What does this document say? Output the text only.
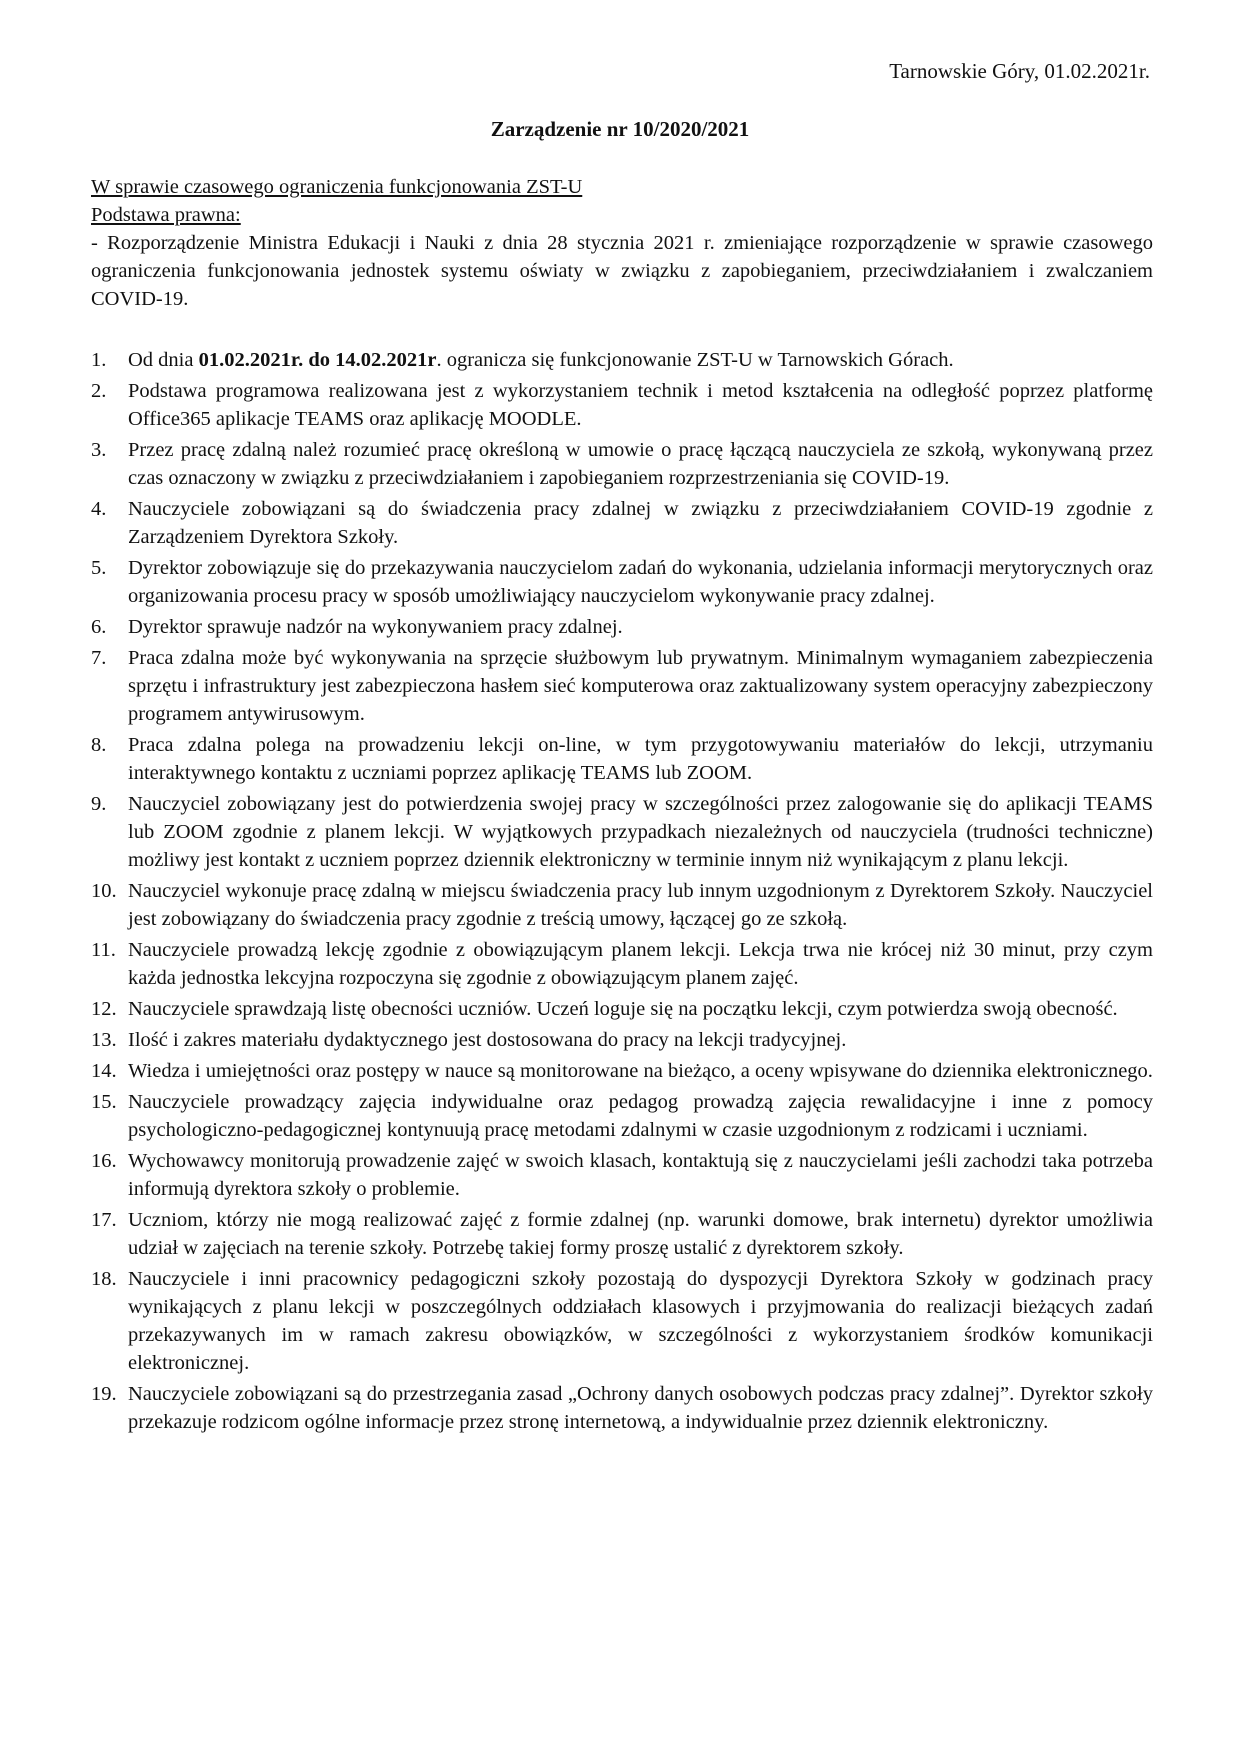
Tarnowskie Góry, 01.02.2021r.
Zarządzenie nr 10/2020/2021
W sprawie czasowego ograniczenia funkcjonowania ZST-U
Podstawa prawna:
- Rozporządzenie Ministra Edukacji i Nauki z dnia 28 stycznia 2021 r. zmieniające rozporządzenie w sprawie czasowego ograniczenia funkcjonowania jednostek systemu oświaty w związku z zapobieganiem, przeciwdziałaniem i zwalczaniem COVID-19.
1.	Od dnia 01.02.2021r. do 14.02.2021r. ogranicza się funkcjonowanie ZST-U w Tarnowskich Górach.
2.	Podstawa programowa realizowana jest z wykorzystaniem technik i metod kształcenia na odległość poprzez platformę Office365 aplikacje TEAMS oraz aplikację MOODLE.
3.	Przez pracę zdalną należ rozumieć pracę określoną w umowie o pracę łączącą nauczyciela ze szkołą, wykonywaną przez czas oznaczony w związku z przeciwdziałaniem i zapobieganiem rozprzestrzeniania się COVID-19.
4.	Nauczyciele zobowiązani są do świadczenia pracy zdalnej w związku z przeciwdziałaniem COVID-19 zgodnie z Zarządzeniem Dyrektora Szkoły.
5.	Dyrektor zobowiązuje się do przekazywania nauczycielom zadań do wykonania, udzielania informacji merytorycznych oraz organizowania procesu pracy w sposób umożliwiający nauczycielom wykonywanie pracy zdalnej.
6.	Dyrektor sprawuje nadzór na wykonywaniem pracy zdalnej.
7.	Praca zdalna może być wykonywania na sprzęcie służbowym lub prywatnym. Minimalnym wymaganiem zabezpieczenia sprzętu i infrastruktury jest zabezpieczona hasłem sieć komputerowa oraz zaktualizowany system operacyjny zabezpieczony programem antywirusowym.
8.	Praca zdalna polega na prowadzeniu lekcji on-line, w tym przygotowywaniu materiałów do lekcji, utrzymaniu interaktywnego kontaktu z uczniami poprzez aplikację TEAMS lub ZOOM.
9.	Nauczyciel zobowiązany jest do potwierdzenia swojej pracy w szczególności przez zalogowanie się do aplikacji TEAMS lub ZOOM zgodnie z planem lekcji. W wyjątkowych przypadkach niezależnych od nauczyciela (trudności techniczne) możliwy jest kontakt z uczniem poprzez dziennik elektroniczny w terminie innym niż wynikającym z planu lekcji.
10. Nauczyciel wykonuje pracę zdalną w miejscu świadczenia pracy lub innym uzgodnionym z Dyrektorem Szkoły. Nauczyciel jest zobowiązany do świadczenia pracy zgodnie z treścią umowy, łączącej go ze szkołą.
11. Nauczyciele prowadzą lekcję zgodnie z obowiązującym planem lekcji. Lekcja trwa nie krócej niż 30 minut, przy czym każda jednostka lekcyjna rozpoczyna się zgodnie z obowiązującym planem zajęć.
12. Nauczyciele sprawdzają listę obecności uczniów. Uczeń loguje się na początku lekcji, czym potwierdza swoją obecność.
13. Ilość i zakres materiału dydaktycznego jest dostosowana do pracy na lekcji tradycyjnej.
14. Wiedza i umiejętności oraz postępy w nauce są monitorowane na bieżąco, a oceny wpisywane do dziennika elektronicznego.
15. Nauczyciele prowadzący zajęcia indywidualne oraz pedagog prowadzą zajęcia rewalidacyjne i inne z pomocy psychologiczno-pedagogicznej kontynuują pracę metodami zdalnymi w czasie uzgodnionym z rodzicami i uczniami.
16. Wychowawcy monitorują prowadzenie zajęć w swoich klasach, kontaktują się z nauczycielami jeśli zachodzi taka potrzeba informują dyrektora szkoły o problemie.
17. Uczniom, którzy nie mogą realizować zajęć z formie zdalnej (np. warunki domowe, brak internetu) dyrektor umożliwia udział w zajęciach na terenie szkoły. Potrzebę takiej formy proszę ustalić z dyrektorem szkoły.
18. Nauczyciele i inni pracownicy pedagogiczni szkoły pozostają do dyspozycji Dyrektora Szkoły w godzinach pracy wynikających z planu lekcji w poszczególnych oddziałach klasowych i przyjmowania do realizacji bieżących zadań przekazywanych im w ramach zakresu obowiązków, w szczególności z wykorzystaniem środków komunikacji elektronicznej.
19. Nauczyciele zobowiązani są do przestrzegania zasad „Ochrony danych osobowych podczas pracy zdalnej”. Dyrektor szkoły przekazuje rodzicom ogólne informacje przez stronę internetową, a indywidualnie przez dziennik elektroniczny.
